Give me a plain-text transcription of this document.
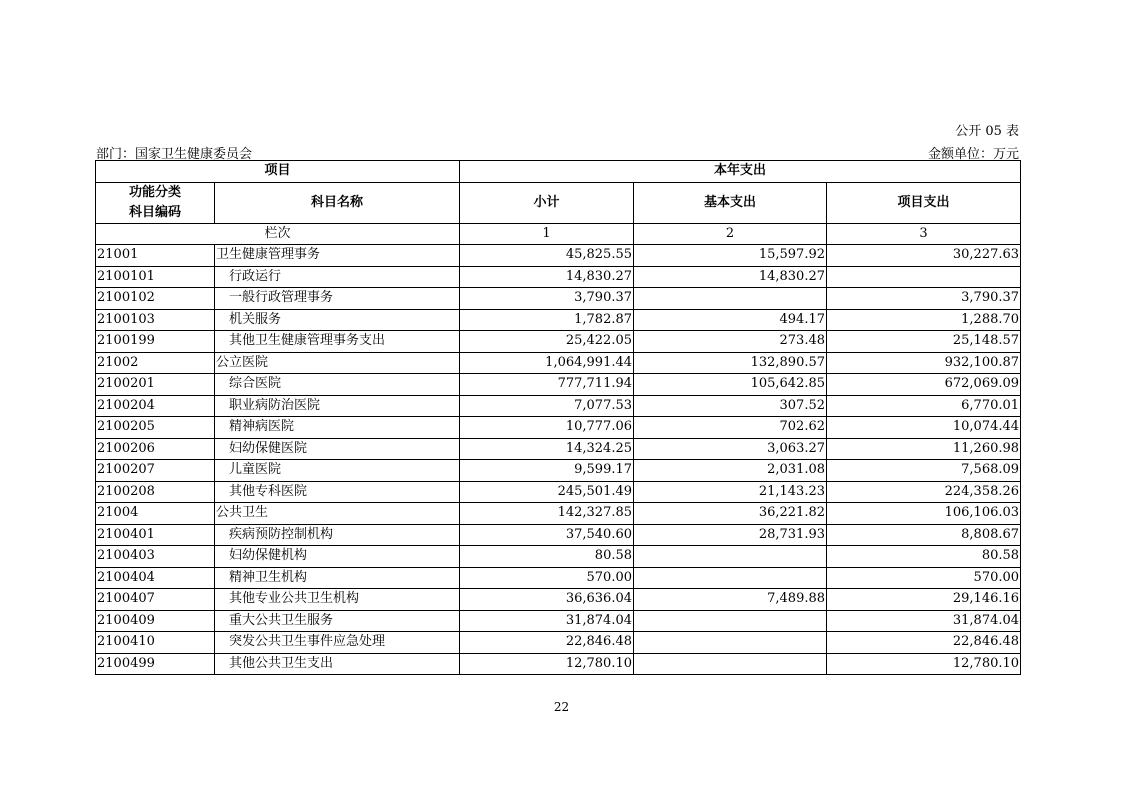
公开 05 表
部门：国家卫生健康委员会	金额单位：万元
项目		本年支出		
功能分类
科目编码	科目名称	小计	基本支出	项目支出
栏次		1	2	3
21001	卫生健康管理事务	45,825.55	15,597.92	30,227.63
2100101	行政运行	14,830.27	14,830.27	
2100102	一般行政管理事务	3,790.37		3,790.37
2100103	机关服务	1,782.87	494.17	1,288.70
2100199	其他卫生健康管理事务支出	25,422.05	273.48	25,148.57
21002	公立医院	1,064,991.44	132,890.57	932,100.87
2100201	综合医院	777,711.94	105,642.85	672,069.09
2100204	职业病防治医院	7,077.53	307.52	6,770.01
2100205	精神病医院	10,777.06	702.62	10,074.44
2100206	妇幼保健医院	14,324.25	3,063.27	11,260.98
2100207	儿童医院	9,599.17	2,031.08	7,568.09
2100208	其他专科医院	245,501.49	21,143.23	224,358.26
21004	公共卫生	142,327.85	36,221.82	106,106.03
2100401	疾病预防控制机构	37,540.60	28,731.93	8,808.67
2100403	妇幼保健机构	80.58		80.58
2100404	精神卫生机构	570.00		570.00
2100407	其他专业公共卫生机构	36,636.04	7,489.88	29,146.16
2100409	重大公共卫生服务	31,874.04		31,874.04
2100410	突发公共卫生事件应急处理	22,846.48		22,846.48
2100499	其他公共卫生支出	12,780.10		12,780.10
22
